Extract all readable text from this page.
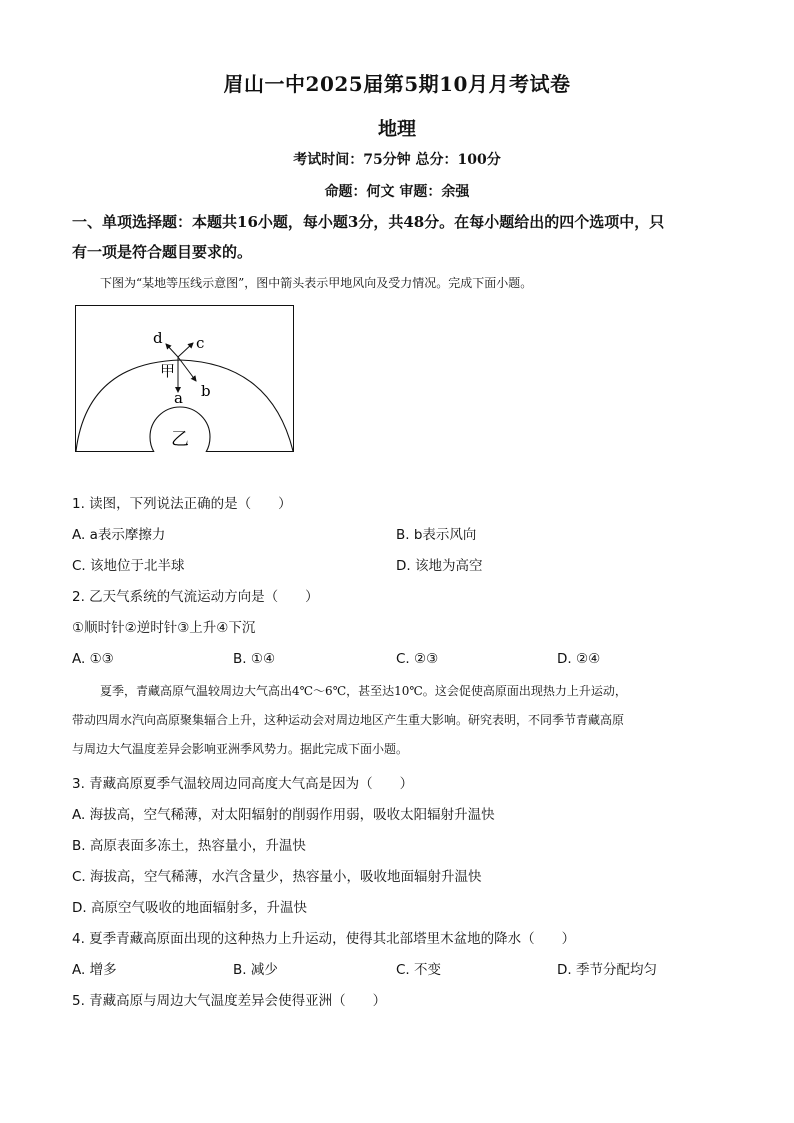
眉山一中2025届第5期10月月考试卷
地理
考试时间：75分钟 总分：100分
命题：何文 审题：余强
一、单项选择题：本题共16小题，每小题3分，共48分。在每小题给出的四个选项中，只
有一项是符合题目要求的。
下图为“某地等压线示意图”，图中箭头表示甲地风向及受力情况。完成下面小题。
d c
甲
b
a
乙
1. 读图，下列说法正确的是（　　）
A. a表示摩擦力	B. b表示风向
C. 该地位于北半球	D. 该地为高空
2. 乙天气系统的气流运动方向是（　　）
①顺时针②逆时针③上升④下沉
A. ①③	B. ①④	C. ②③	D. ②④
夏季，青藏高原气温较周边大气高出4℃～6℃，甚至达10℃。这会促使高原面出现热力上升运动，
带动四周水汽向高原聚集辐合上升，这种运动会对周边地区产生重大影响。研究表明，不同季节青藏高原
与周边大气温度差异会影响亚洲季风势力。据此完成下面小题。
3. 青藏高原夏季气温较周边同高度大气高是因为（　　）
A. 海拔高，空气稀薄，对太阳辐射的削弱作用弱，吸收太阳辐射升温快
B. 高原表面多冻土，热容量小，升温快
C. 海拔高，空气稀薄，水汽含量少，热容量小，吸收地面辐射升温快
D. 高原空气吸收的地面辐射多，升温快
4. 夏季青藏高原面出现的这种热力上升运动，使得其北部塔里木盆地的降水（　　）
A. 增多	B. 减少	C. 不变	D. 季节分配均匀
5. 青藏高原与周边大气温度差异会使得亚洲（　　）
